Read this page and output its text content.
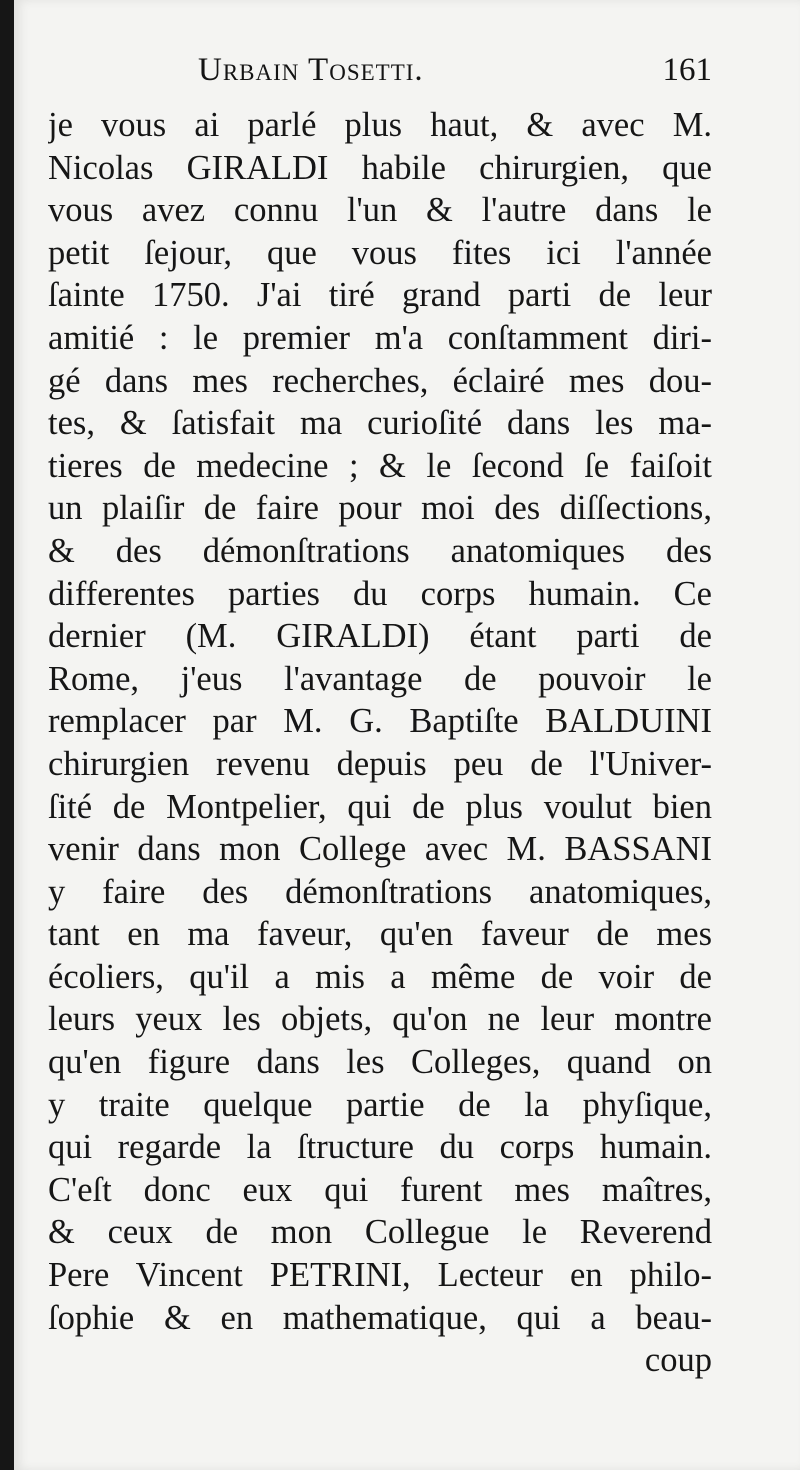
Urbain Tosetti.	161
je vous ai parlé plus haut, & avec M.
Nicolas GIRALDI habile chirurgien, que
vous avez connu l'un & l'autre dans le
petit ſejour, que vous fites ici l'année
ſainte 1750. J'ai tiré grand parti de leur
amitié : le premier m'a conſtamment diri-
gé dans mes recherches, éclairé mes dou-
tes, & ſatisfait ma curioſité dans les ma-
tieres de medecine ; & le ſecond ſe faiſoit
un plaiſir de faire pour moi des diſſections,
& des démonſtrations anatomiques des
differentes parties du corps humain. Ce
dernier (M. GIRALDI) étant parti de
Rome, j'eus l'avantage de pouvoir le
remplacer par M. G. Baptiſte BALDUINI
chirurgien revenu depuis peu de l'Univer-
ſité de Montpelier, qui de plus voulut bien
venir dans mon College avec M. BASSANI
y faire des démonſtrations anatomiques,
tant en ma faveur, qu'en faveur de mes
écoliers, qu'il a mis a même de voir de
leurs yeux les objets, qu'on ne leur montre
qu'en figure dans les Colleges, quand on
y traite quelque partie de la phyſique,
qui regarde la ſtructure du corps humain.
C'eſt donc eux qui furent mes maîtres,
& ceux de mon Collegue le Reverend
Pere Vincent PETRINI, Lecteur en philo-
ſophie & en mathematique, qui a beau-
coup
